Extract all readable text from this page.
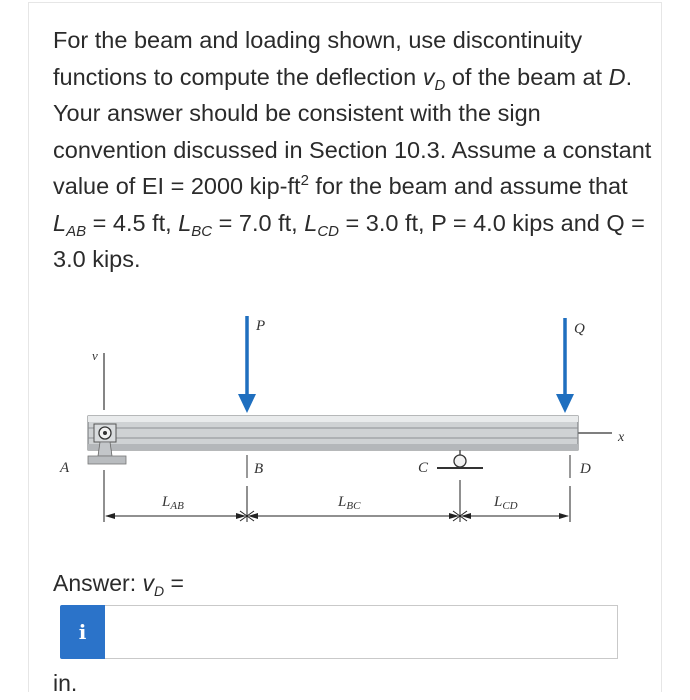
For the beam and loading shown, use discontinuity functions to compute the deflection $v_D$ of the beam at D. Your answer should be consistent with the sign convention discussed in Section 10.3. Assume a constant value of EI = 2000 kip-$ft^2$ for the beam and assume that $L_{AB} = 4.5$ ft, $L_{BC} = 7.0$ ft, $L_{CD} = 3.0$ ft, P = 4.0 kips and Q = 3.0 kips.

v
x
A	C
B	D
P	Q
$L_{AB}$	$L_{BC}$	$L_{CD}$
Answer: $v_D$ =
i
in.
